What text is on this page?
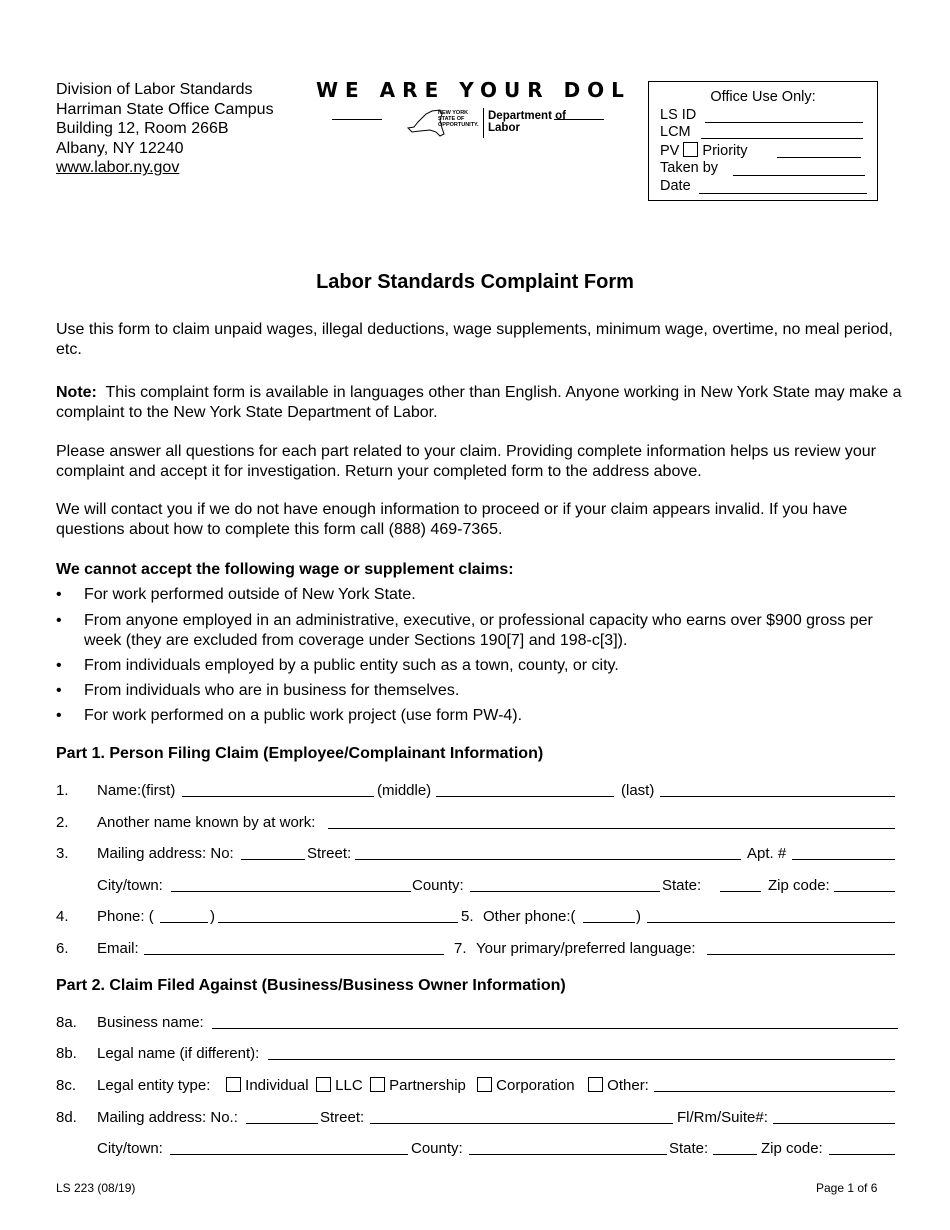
Division of Labor Standards
Harriman State Office Campus
Building 12, Room 266B
Albany, NY 12240
www.labor.ny.gov
WE ARE YOUR DOL
NEW YORK STATE OF OPPORTUNITY.
Department of Labor
Office Use Only:
LS ID
LCM
PV Priority
Taken by
Date
Labor Standards Complaint Form
Use this form to claim unpaid wages, illegal deductions, wage supplements, minimum wage, overtime, no meal period, etc.
Note: This complaint form is available in languages other than English. Anyone working in New York State may make a complaint to the New York State Department of Labor.
Please answer all questions for each part related to your claim. Providing complete information helps us review your complaint and accept it for investigation. Return your completed form to the address above.
We will contact you if we do not have enough information to proceed or if your claim appears invalid. If you have questions about how to complete this form call (888) 469-7365.
We cannot accept the following wage or supplement claims:
• For work performed outside of New York State.
• From anyone employed in an administrative, executive, or professional capacity who earns over $900 gross per week (they are excluded from coverage under Sections 190[7] and 198-c[3]).
• From individuals employed by a public entity such as a town, county, or city.
• From individuals who are in business for themselves.
• For work performed on a public work project (use form PW-4).
Part 1. Person Filing Claim (Employee/Complainant Information)
1. Name:(first)	(middle)	(last)
2. Another name known by at work:
3. Mailing address: No:	Street:	Apt. #
City/town:	County:	State:	Zip code:
4. Phone: (	)	5. Other phone:(	)
6. Email:	7. Your primary/preferred language:
Part 2. Claim Filed Against (Business/Business Owner Information)
8a. Business name:
8b. Legal name (if different):
8c. Legal entity type:	Individual	LLC	Partnership	Corporation	Other:
8d. Mailing address: No.:	Street:	Fl/Rm/Suite#:
City/town:	County:	State:	Zip code:
LS 223 (08/19)	Page 1 of 6
